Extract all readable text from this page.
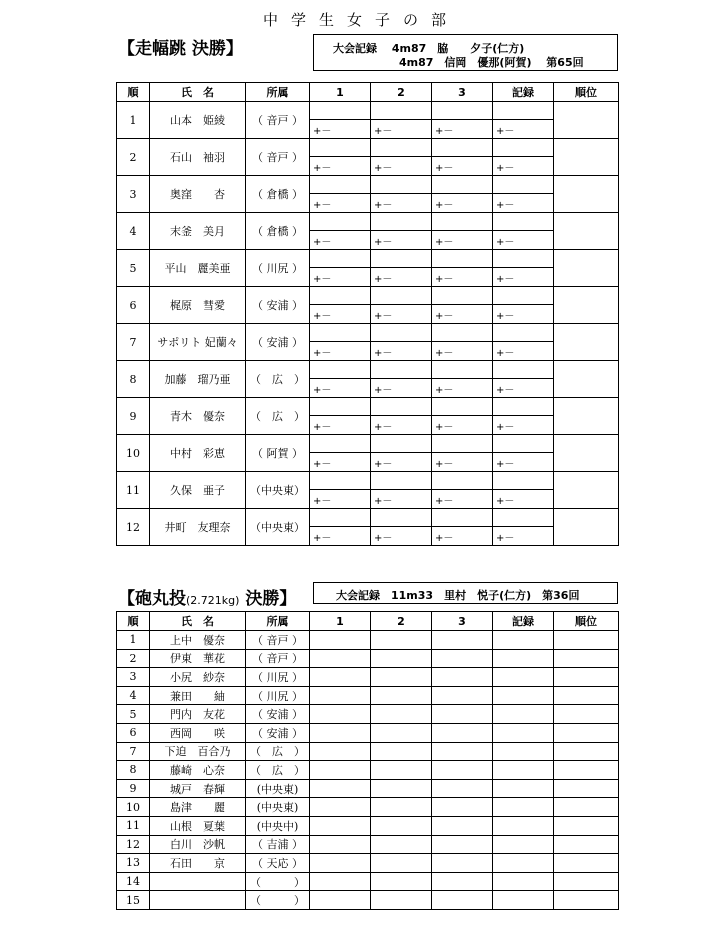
中学生女子の部
【走幅跳 決勝】	大会記録　 4m87　脇　　夕子(仁方)
4m87　信岡　優那(阿賀)　 第65回
順	氏　名	所属	1	2	3	記録	順位
1	山本　姫綾	（ 音戸 ）	+－	+－	+－	+－	

2	石山　袖羽	（ 音戸 ）	+－	+－	+－	+－	

3	奥窪　　杏	（ 倉橋 ）	+－	+－	+－	+－	

4	末釜　美月	（ 倉橋 ）	+－	+－	+－	+－	

5	平山　麗美亜	（ 川尻 ）	+－	+－	+－	+－	

6	梶原　彗愛	（ 安浦 ）	+－	+－	+－	+－	

7	サポリト 妃蘭々	（ 安浦 ）	+－	+－	+－	+－	

8	加藤　瑠乃亜	（　広　）	+－	+－	+－	+－	

9	青木　優奈	（　広　）	+－	+－	+－	+－	

10	中村　彩恵	（ 阿賀 ）	+－	+－	+－	+－	

11	久保　亜子	（中央東）	+－	+－	+－	+－	

12	井町　友理奈	（中央東）	+－	+－	+－	+－	

【砲丸投(2.721kg) 決勝】	大会記録　11m33　里村　悦子(仁方)　第36回
順	氏　名	所属	1	2	3	記録	順位
1	上中　優奈	（ 音戸 ）					
2	伊東　華花	（ 音戸 ）					
3	小尻　紗奈	（ 川尻 ）					
4	兼田　　紬	（ 川尻 ）					
5	門内　友花	（ 安浦 ）					
6	西岡　　咲	（ 安浦 ）					
7	下迫　百合乃	（　広　）					
8	藤崎　心奈	（　広　）					
9	城戸　春輝	(中央東)					
10	島津　　麗	(中央東)					
11	山根　夏葉	(中央中)					
12	白川　沙帆	（ 吉浦 ）					
13	石田　　京	（ 天応 ）					
14		（　　　）					
15		（　　　）					
